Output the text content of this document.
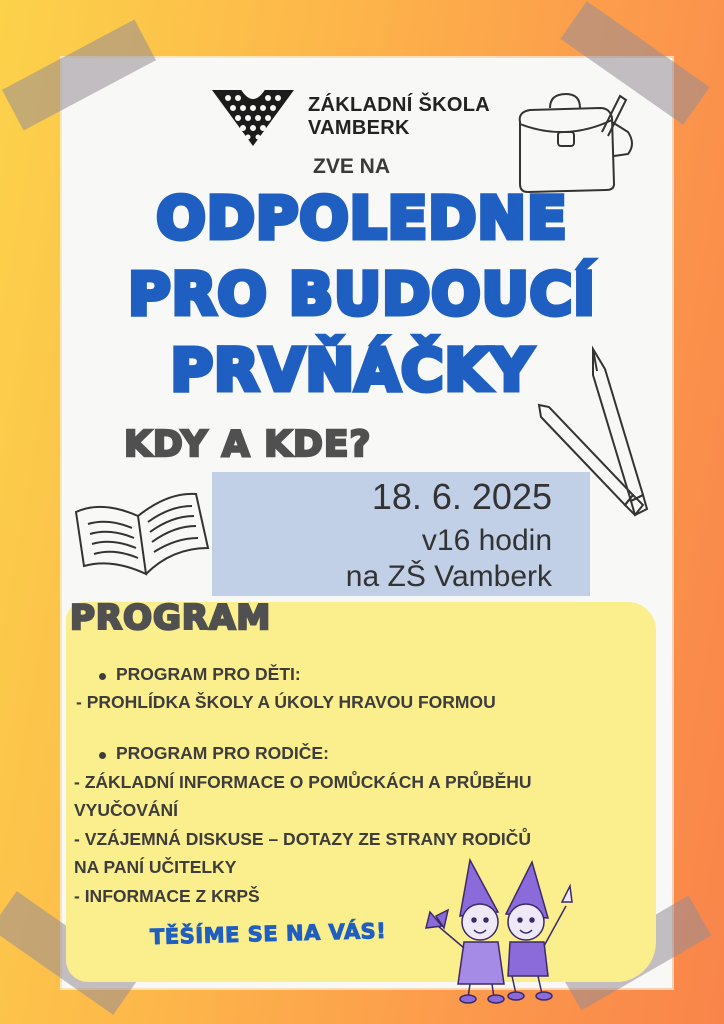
ZÁKLADNÍ ŠKOLA
VAMBERK
ZVE NA
ODPOLEDNE
PRO BUDOUCÍ
PRVŇÁČKY
KDY A KDE?
18. 6. 2025
v16 hodin
na ZŠ Vamberk
PROGRAM
PROGRAM PRO DĚTI:
- PROHLÍDKA ŠKOLY A ÚKOLY HRAVOU FORMOU
PROGRAM PRO RODIČE:
- ZÁKLADNÍ INFORMACE O POMŮCKÁCH A PRŮBĚHU
VYUČOVÁNÍ
- VZÁJEMNÁ DISKUSE – DOTAZY ZE STRANY RODIČŮ
NA PANÍ UČITELKY
- INFORMACE Z KRPŠ
TĚŠÍME SE NA VÁS!
